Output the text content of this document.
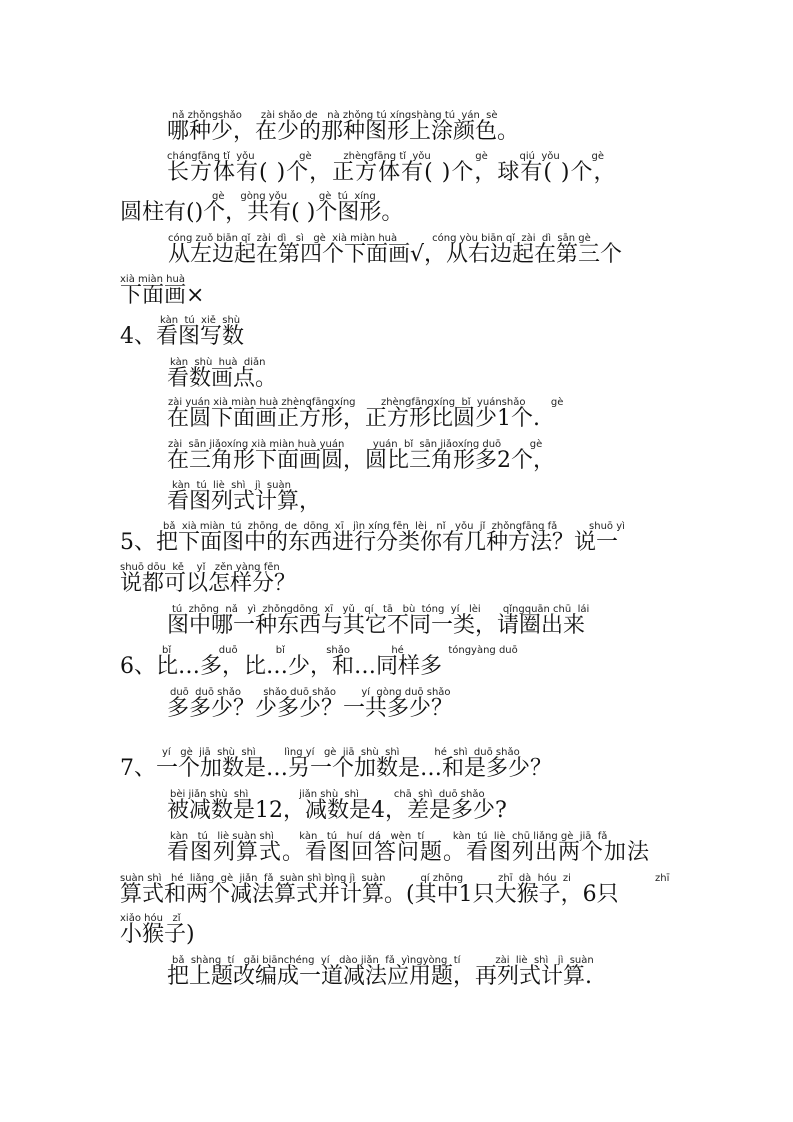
nǎ zhǒngshǎo      zài shǎo de   nà zhǒng tú xíngshàng tú  yán  sè
哪种少，在少的那种图形上涂颜色。
chángfāng tǐ  yǒu              gè          zhèngfāng tǐ  yǒu              gè          qiú  yǒu          gè
长方体有( )个，正方体有( )个，球有( )个，
gè     gòng yǒu          gè  tú  xíng
圆柱有()个，共有( )个图形。
cóng zuǒ biān qǐ  zài  dì   sì   gè  xià miàn huà           cóng yòu biān qǐ  zài  dì  sān gè
从左边起在第四个下面画√，从右边起在第三个
xià miàn huà
下面画×
kàn  tú  xiě  shù
4、看图写数
kàn  shù  huà  diǎn
看数画点。
zài yuán xià miàn huà zhèngfāngxíng        zhèngfāngxíng  bǐ  yuánshǎo        gè
在圆下面画正方形，正方形比圆少1个.
zài  sān jiǎoxíng xià miàn huà yuán         yuán  bǐ  sān jiǎoxíng duō         gè
在三角形下面画圆，圆比三角形多2个，
kàn  tú  liè  shì   jì  suàn
看图列式计算，
bǎ  xià miàn  tú  zhōng  de  dōng  xī   jìn xíng fēn  lèi   nǐ   yǒu  jǐ  zhǒngfāng fǎ          shuō yì
5、把下面图中的东西进行分类你有几种方法？说一
shuō dōu  kě    yǐ   zěn yàng fēn
说都可以怎样分？
tú  zhōng  nǎ   yì  zhǒngdōng  xī   yǔ   qí   tā   bù  tóng  yí   lèi       qǐngquān chū  lái
图中哪一种东西与其它不同一类，请圈出来
bǐ               duō            bǐ             shǎo             hé              tóngyàng duō
6、比…多，比…少，和…同样多
duō  duō shǎo       shǎo duō shǎo        yí  gòng duō shǎo
多多少？少多少？一共多少？
yí   gè  jiā  shù  shì         lìng yí   gè  jiā  shù  shì           hé  shì  duō shǎo
7、一个加数是…另一个加数是…和是多少？
bèi jiǎn shù  shì                jiǎn shù  shì           chā  shì  duō shǎo
被减数是12，减数是4，差是多少?
kàn   tú   liè suàn shì        kàn   tú   huí  dá   wèn  tí         kàn  tú  liè  chū liǎng gè  jiā  fǎ
看图列算式。看图回答问题。看图列出两个加法
suàn shì   hé  liǎng  gè  jiǎn  fǎ  suàn shì bìng jì  suàn           qí zhōng           zhī  dà  hóu  zi	zhī
算式和两个减法算式并计算。(其中1只大猴子，6只
xiǎo hóu   zǐ
小猴子)
bǎ  shàng  tí   gǎi biānchéng  yí   dào jiǎn  fǎ  yìngyòng  tí           zài  liè  shì   jì  suàn
把上题改编成一道减法应用题，再列式计算.
